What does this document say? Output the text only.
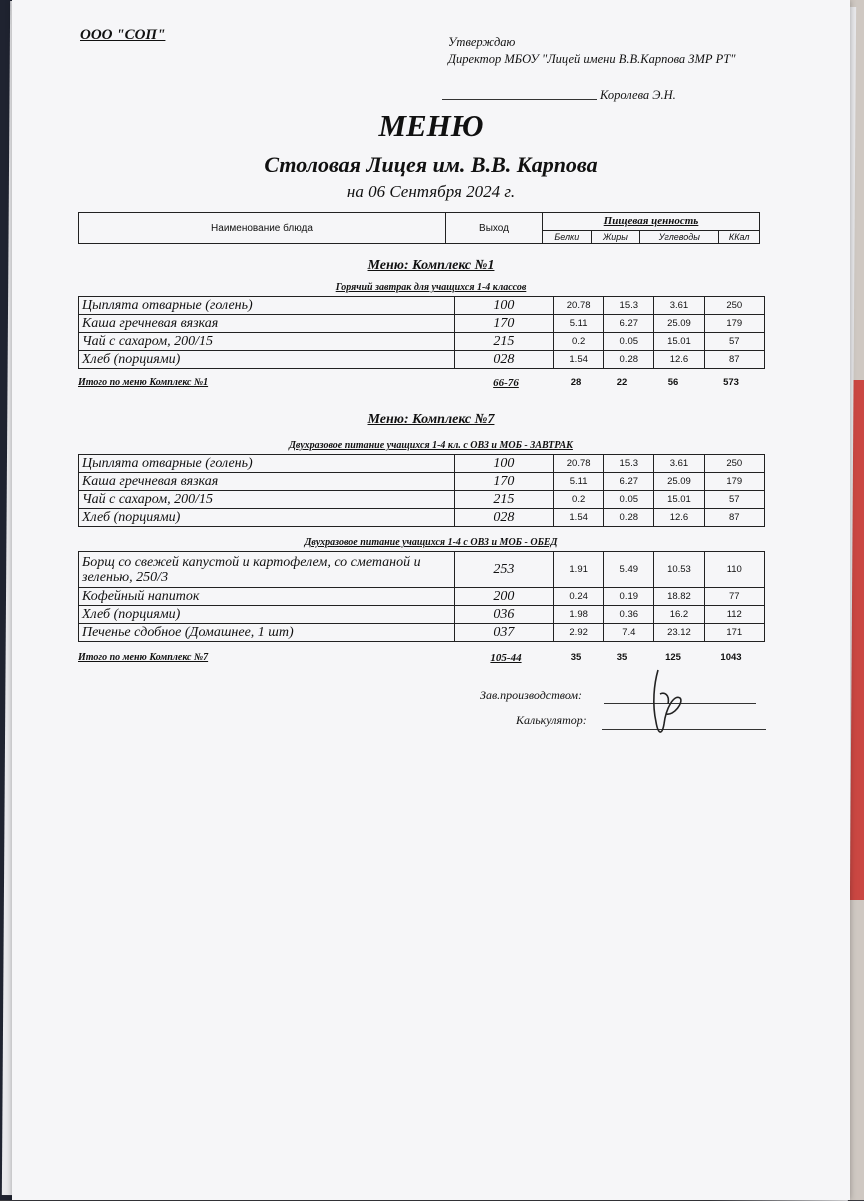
ООО "СОП"	Утверждаю
Директор МБОУ "Лицей имени В.В.Карпова ЗМР РТ"
Королева Э.Н.
МЕНЮ
Столовая Лицея им. В.В. Карпова
на 06 Сентября 2024 г.
Наименование блюда	Выход	Пищевая ценность			
		Белки	Жиры	Углеводы	ККал
Меню: Комплекс №1
Горячий завтрак для учащихся 1-4 классов
Цыплята отварные (голень)	100	20.78	15.3	3.61	250
Каша гречневая вязкая	170	5.11	6.27	25.09	179
Чай с сахаром, 200/15	215	0.2	0.05	15.01	57
Хлеб (порциями)	028	1.54	0.28	12.6	87
Итого по меню Комплекс №1	66-76	28	22	56	573
Меню: Комплекс №7
Двухразовое питание учащихся 1-4 кл. с ОВЗ и МОБ - ЗАВТРАК
Цыплята отварные (голень)	100	20.78	15.3	3.61	250
Каша гречневая вязкая	170	5.11	6.27	25.09	179
Чай с сахаром, 200/15	215	0.2	0.05	15.01	57
Хлеб (порциями)	028	1.54	0.28	12.6	87
Двухразовое питание учащихся 1-4 с ОВЗ и МОБ - ОБЕД
Борщ со свежей капустой и картофелем, со сметаной и зеленью, 250/3	253	1.91	5.49	10.53	110
Кофейный напиток	200	0.24	0.19	18.82	77
Хлеб (порциями)	036	1.98	0.36	16.2	112
Печенье сдобное (Домашнее, 1 шт)	037	2.92	7.4	23.12	171
Итого по меню Комплекс №7	105-44	35	35	125	1043
Зав.производством:
Калькулятор:
